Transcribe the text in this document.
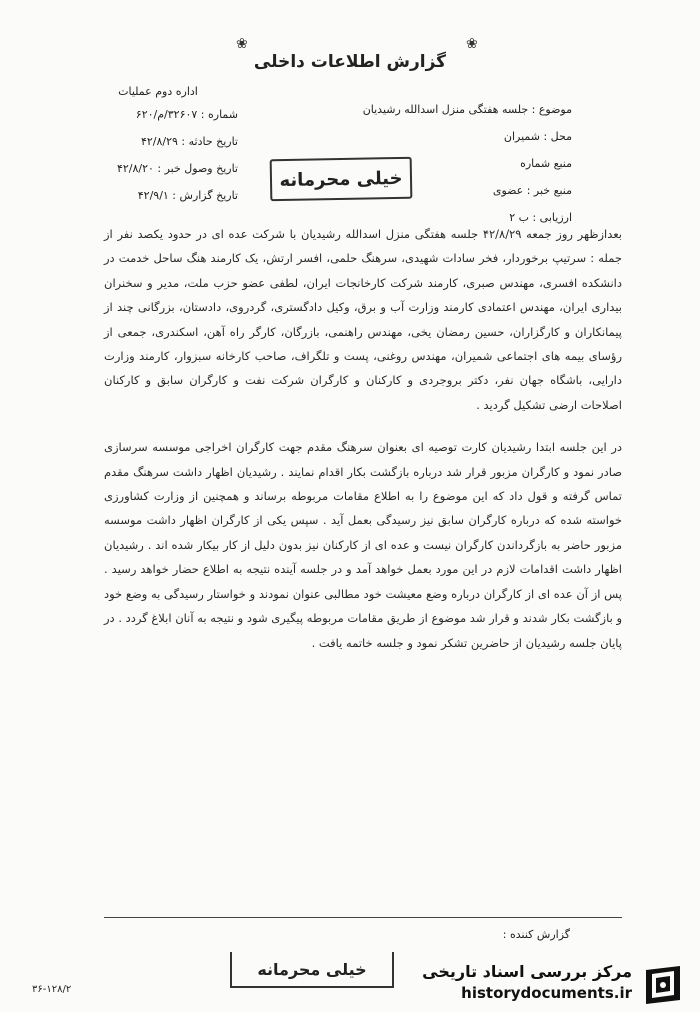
❀	❀
گزارش اطلاعات داخلی
موضوع : جلسه هفتگی منزل اسدالله رشیدیان
محل : شمیران
منبع شماره
منبع خبر : عضوی
ارزیابی : ب ۲
اداره دوم عملیات
شماره : ۳۲۶۰۷/م/۶۲۰
تاریخ حادثه : ۴۲/۸/۲۹
تاریخ وصول خبر : ۴۲/۸/۲۰
تاریخ گزارش : ۴۲/۹/۱
خیلی محرمانه

بعدازظهر روز جمعه ۴۲/۸/۲۹ جلسه هفتگی منزل اسدالله رشیدیان با شرکت عده ای در حدود یکصد نفر از جمله : سرتیپ برخوردار، فخر سادات شهیدی، سرهنگ حلمی، افسر ارتش، یک کارمند هنگ ساحل خدمت در دانشکده افسری، مهندس صبری، کارمند شرکت کارخانجات ایران، لطفی عضو حزب ملت، مدیر و سخنران بیداری ایران، مهندس اعتمادی کارمند وزارت آب و برق، وکیل دادگستری، گردروی، دادستان، بزرگانی چند از پیمانکاران و کارگزاران، حسین رمضان یخی، مهندس راهنمی، بازرگان، کارگر راه آهن، اسکندری، جمعی از رؤسای بیمه های اجتماعی شمیران، مهندس روغنی، پست و تلگراف، صاحب کارخانه سبزوار، کارمند وزارت دارایی، باشگاه جهان نفر، دکتر بروجردی و کارکنان و کارگران شرکت نفت و کارگران سابق و کارکنان اصلاحات ارضی تشکیل گردید .

در این جلسه ابتدا رشیدیان کارت توصیه ای بعنوان سرهنگ مقدم جهت کارگران اخراجی موسسه سرسازی صادر نمود و کارگران مزبور قرار شد درباره بازگشت بکار اقدام نمایند . رشیدیان اظهار داشت سرهنگ مقدم تماس گرفته و قول داد که این موضوع را به اطلاع مقامات مربوطه برساند و همچنین از وزارت کشاورزی خواسته شده که درباره کارگران سابق نیز رسیدگی بعمل آید . سپس یکی از کارگران اظهار داشت موسسه مزبور حاضر به بازگرداندن کارگران نیست و عده ای از کارکنان نیز بدون دلیل از کار بیکار شده اند . رشیدیان اظهار داشت اقدامات لازم در این مورد بعمل خواهد آمد و در جلسه آینده نتیجه به اطلاع حضار خواهد رسید . پس از آن عده ای از کارگران درباره وضع معیشت خود مطالبی عنوان نمودند و خواستار رسیدگی به وضع خود و بازگشت بکار شدند و قرار شد موضوع از طریق مقامات مربوطه پیگیری شود و نتیجه به آنان ابلاغ گردد . در پایان جلسه رشیدیان از حاضرین تشکر نمود و جلسه خاتمه یافت .

گزارش کننده :
خیلی محرمانه
۳۶-۱۲۸/۲
مرکز بررسی اسناد تاریخی
historydocuments.ir
